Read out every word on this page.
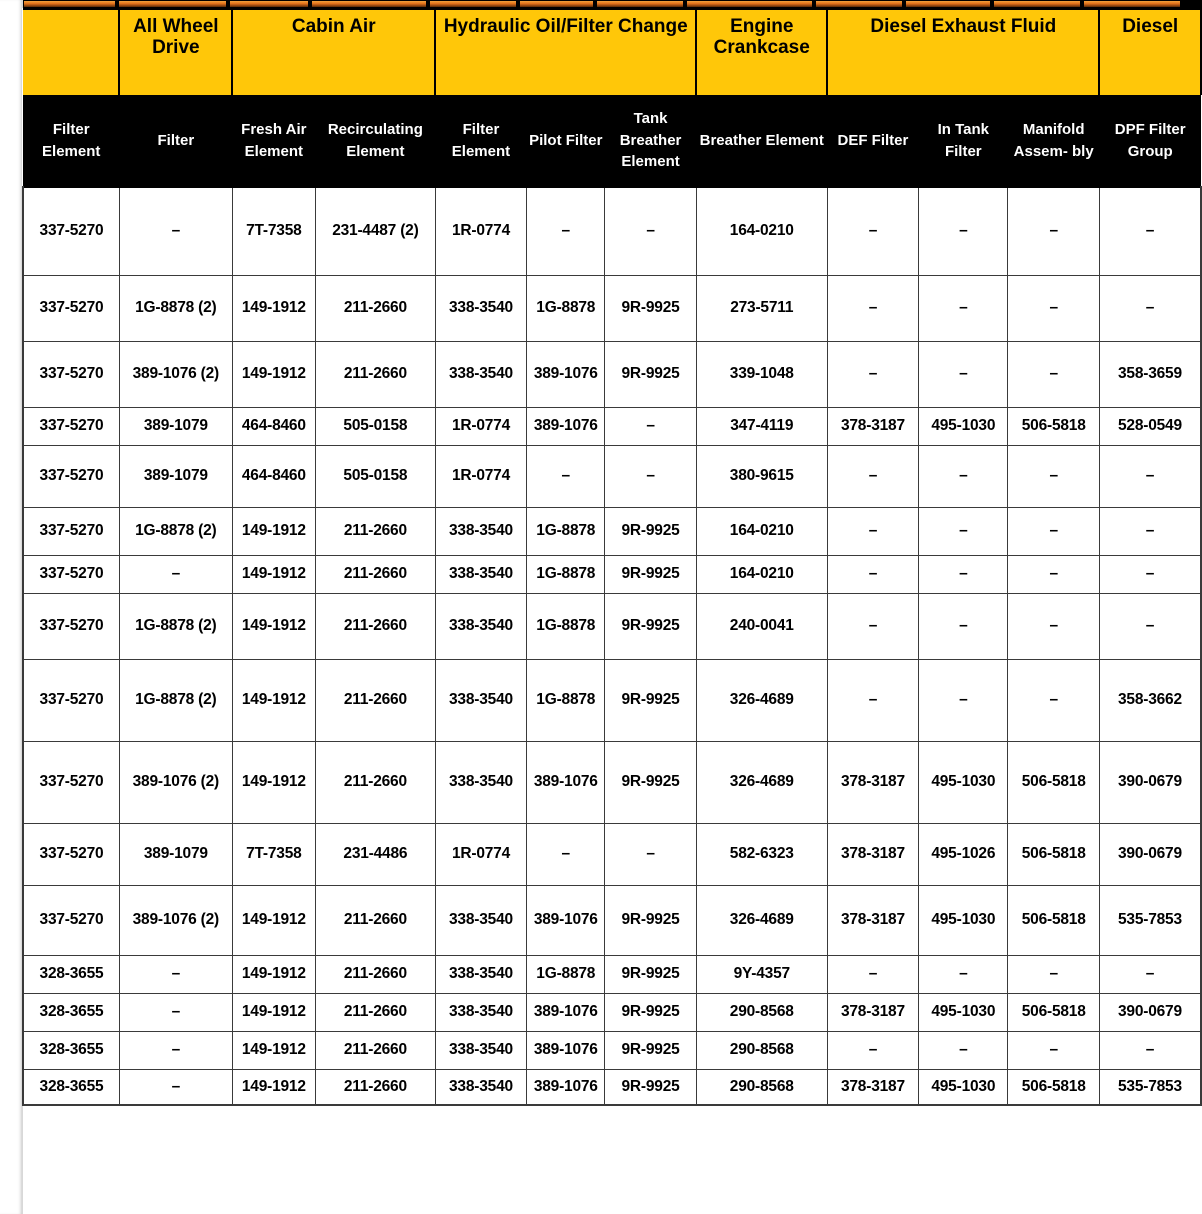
	All Wheel Drive	Cabin Air		Hydraulic Oil/Filter Change			Engine Crankcase	Diesel Exhaust Fluid			Diesel
Filter Element	Filter	Fresh Air Element	Recirculating Element	Filter Element	Pilot Filter	Tank Breather Element	Breather Element	DEF Filter	In Tank Filter	Manifold Assem- bly	DPF Filter Group
337-5270	–	7T-7358	231-4487 (2)	1R-0774	–	–	164-0210	–	–	–	–
337-5270	1G-8878 (2)	149-1912	211-2660	338-3540	1G-8878	9R-9925	273-5711	–	–	–	–
337-5270	389-1076 (2)	149-1912	211-2660	338-3540	389-1076	9R-9925	339-1048	–	–	–	358-3659
337-5270	389-1079	464-8460	505-0158	1R-0774	389-1076	–	347-4119	378-3187	495-1030	506-5818	528-0549
337-5270	389-1079	464-8460	505-0158	1R-0774	–	–	380-9615	–	–	–	–
337-5270	1G-8878 (2)	149-1912	211-2660	338-3540	1G-8878	9R-9925	164-0210	–	–	–	–
337-5270	–	149-1912	211-2660	338-3540	1G-8878	9R-9925	164-0210	–	–	–	–
337-5270	1G-8878 (2)	149-1912	211-2660	338-3540	1G-8878	9R-9925	240-0041	–	–	–	–
337-5270	1G-8878 (2)	149-1912	211-2660	338-3540	1G-8878	9R-9925	326-4689	–	–	–	358-3662
337-5270	389-1076 (2)	149-1912	211-2660	338-3540	389-1076	9R-9925	326-4689	378-3187	495-1030	506-5818	390-0679
337-5270	389-1079	7T-7358	231-4486	1R-0774	–	–	582-6323	378-3187	495-1026	506-5818	390-0679
337-5270	389-1076 (2)	149-1912	211-2660	338-3540	389-1076	9R-9925	326-4689	378-3187	495-1030	506-5818	535-7853
328-3655	–	149-1912	211-2660	338-3540	1G-8878	9R-9925	9Y-4357	–	–	–	–
328-3655	–	149-1912	211-2660	338-3540	389-1076	9R-9925	290-8568	378-3187	495-1030	506-5818	390-0679
328-3655	–	149-1912	211-2660	338-3540	389-1076	9R-9925	290-8568	–	–	–	–
328-3655	–	149-1912	211-2660	338-3540	389-1076	9R-9925	290-8568	378-3187	495-1030	506-5818	535-7853
